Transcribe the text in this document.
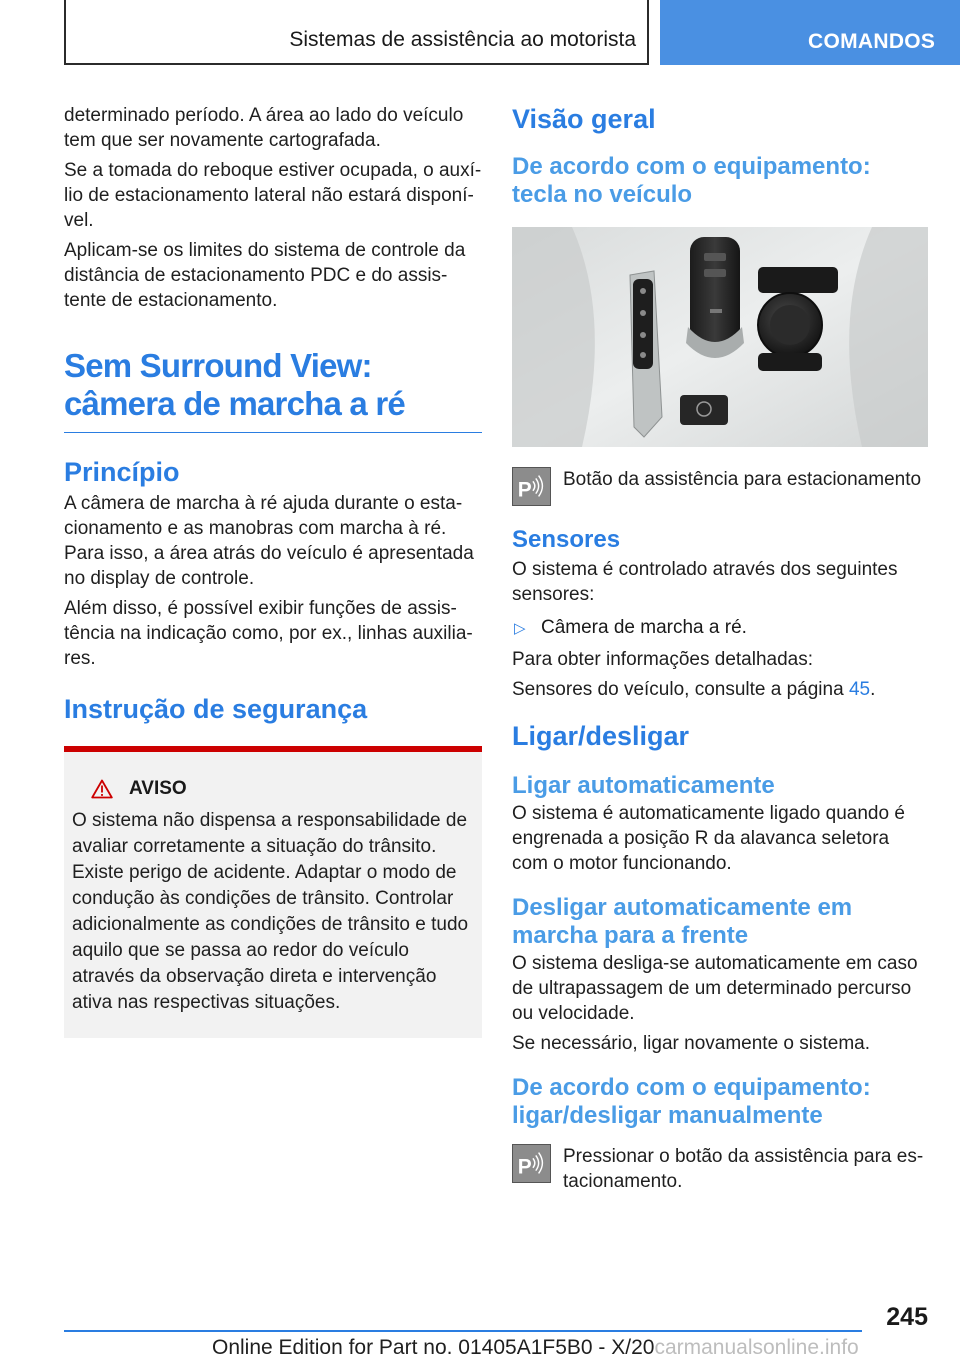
Sistemas de assistência ao motorista	COMANDOS

determinado período. A área ao lado do veículo tem que ser novamente cartografada.

Se a tomada do reboque estiver ocupada, o auxílio de estacionamento lateral não estará disponível.

Aplicam-se os limites do sistema de controle da distância de estacionamento PDC e do assistente de estacionamento.

Sem Surround View: câmera de marcha a ré
Princípio

A câmera de marcha à ré ajuda durante o estacionamento e as manobras com marcha à ré. Para isso, a área atrás do veículo é apresentada no display de controle.

Além disso, é possível exibir funções de assistência na indicação como, por ex., linhas auxiliares.

Instrução de segurança
AVISO

O sistema não dispensa a responsabilidade de avaliar corretamente a situação do trânsito. Existe perigo de acidente. Adaptar o modo de condução às condições de trânsito. Controlar adicionalmente as condições de trânsito e tudo aquilo que se passa ao redor do veículo através da observação direta e intervenção ativa nas respectivas situações.

Visão geral
De acordo com o equipamento: tecla no veículo
P Botão da assistência para estacionamento

Sensores

O sistema é controlado através dos seguintes sensores:

▷ Câmera de marcha a ré.

Para obter informações detalhadas:

Sensores do veículo, consulte a página 45.

Ligar/desligar
Ligar automaticamente

O sistema é automaticamente ligado quando é engrenada a posição R da alavanca seletora com o motor funcionando.

Desligar automaticamente em marcha para a frente

O sistema desliga-se automaticamente em caso de ultrapassagem de um determinado percurso ou velocidade.

Se necessário, ligar novamente o sistema.

De acordo com o equipamento: ligar/desligar manualmente
P Pressionar o botão da assistência para estacionamento.

245
Online Edition for Part no. 01405A1F5B0 - X/20carmanualsonline.info
